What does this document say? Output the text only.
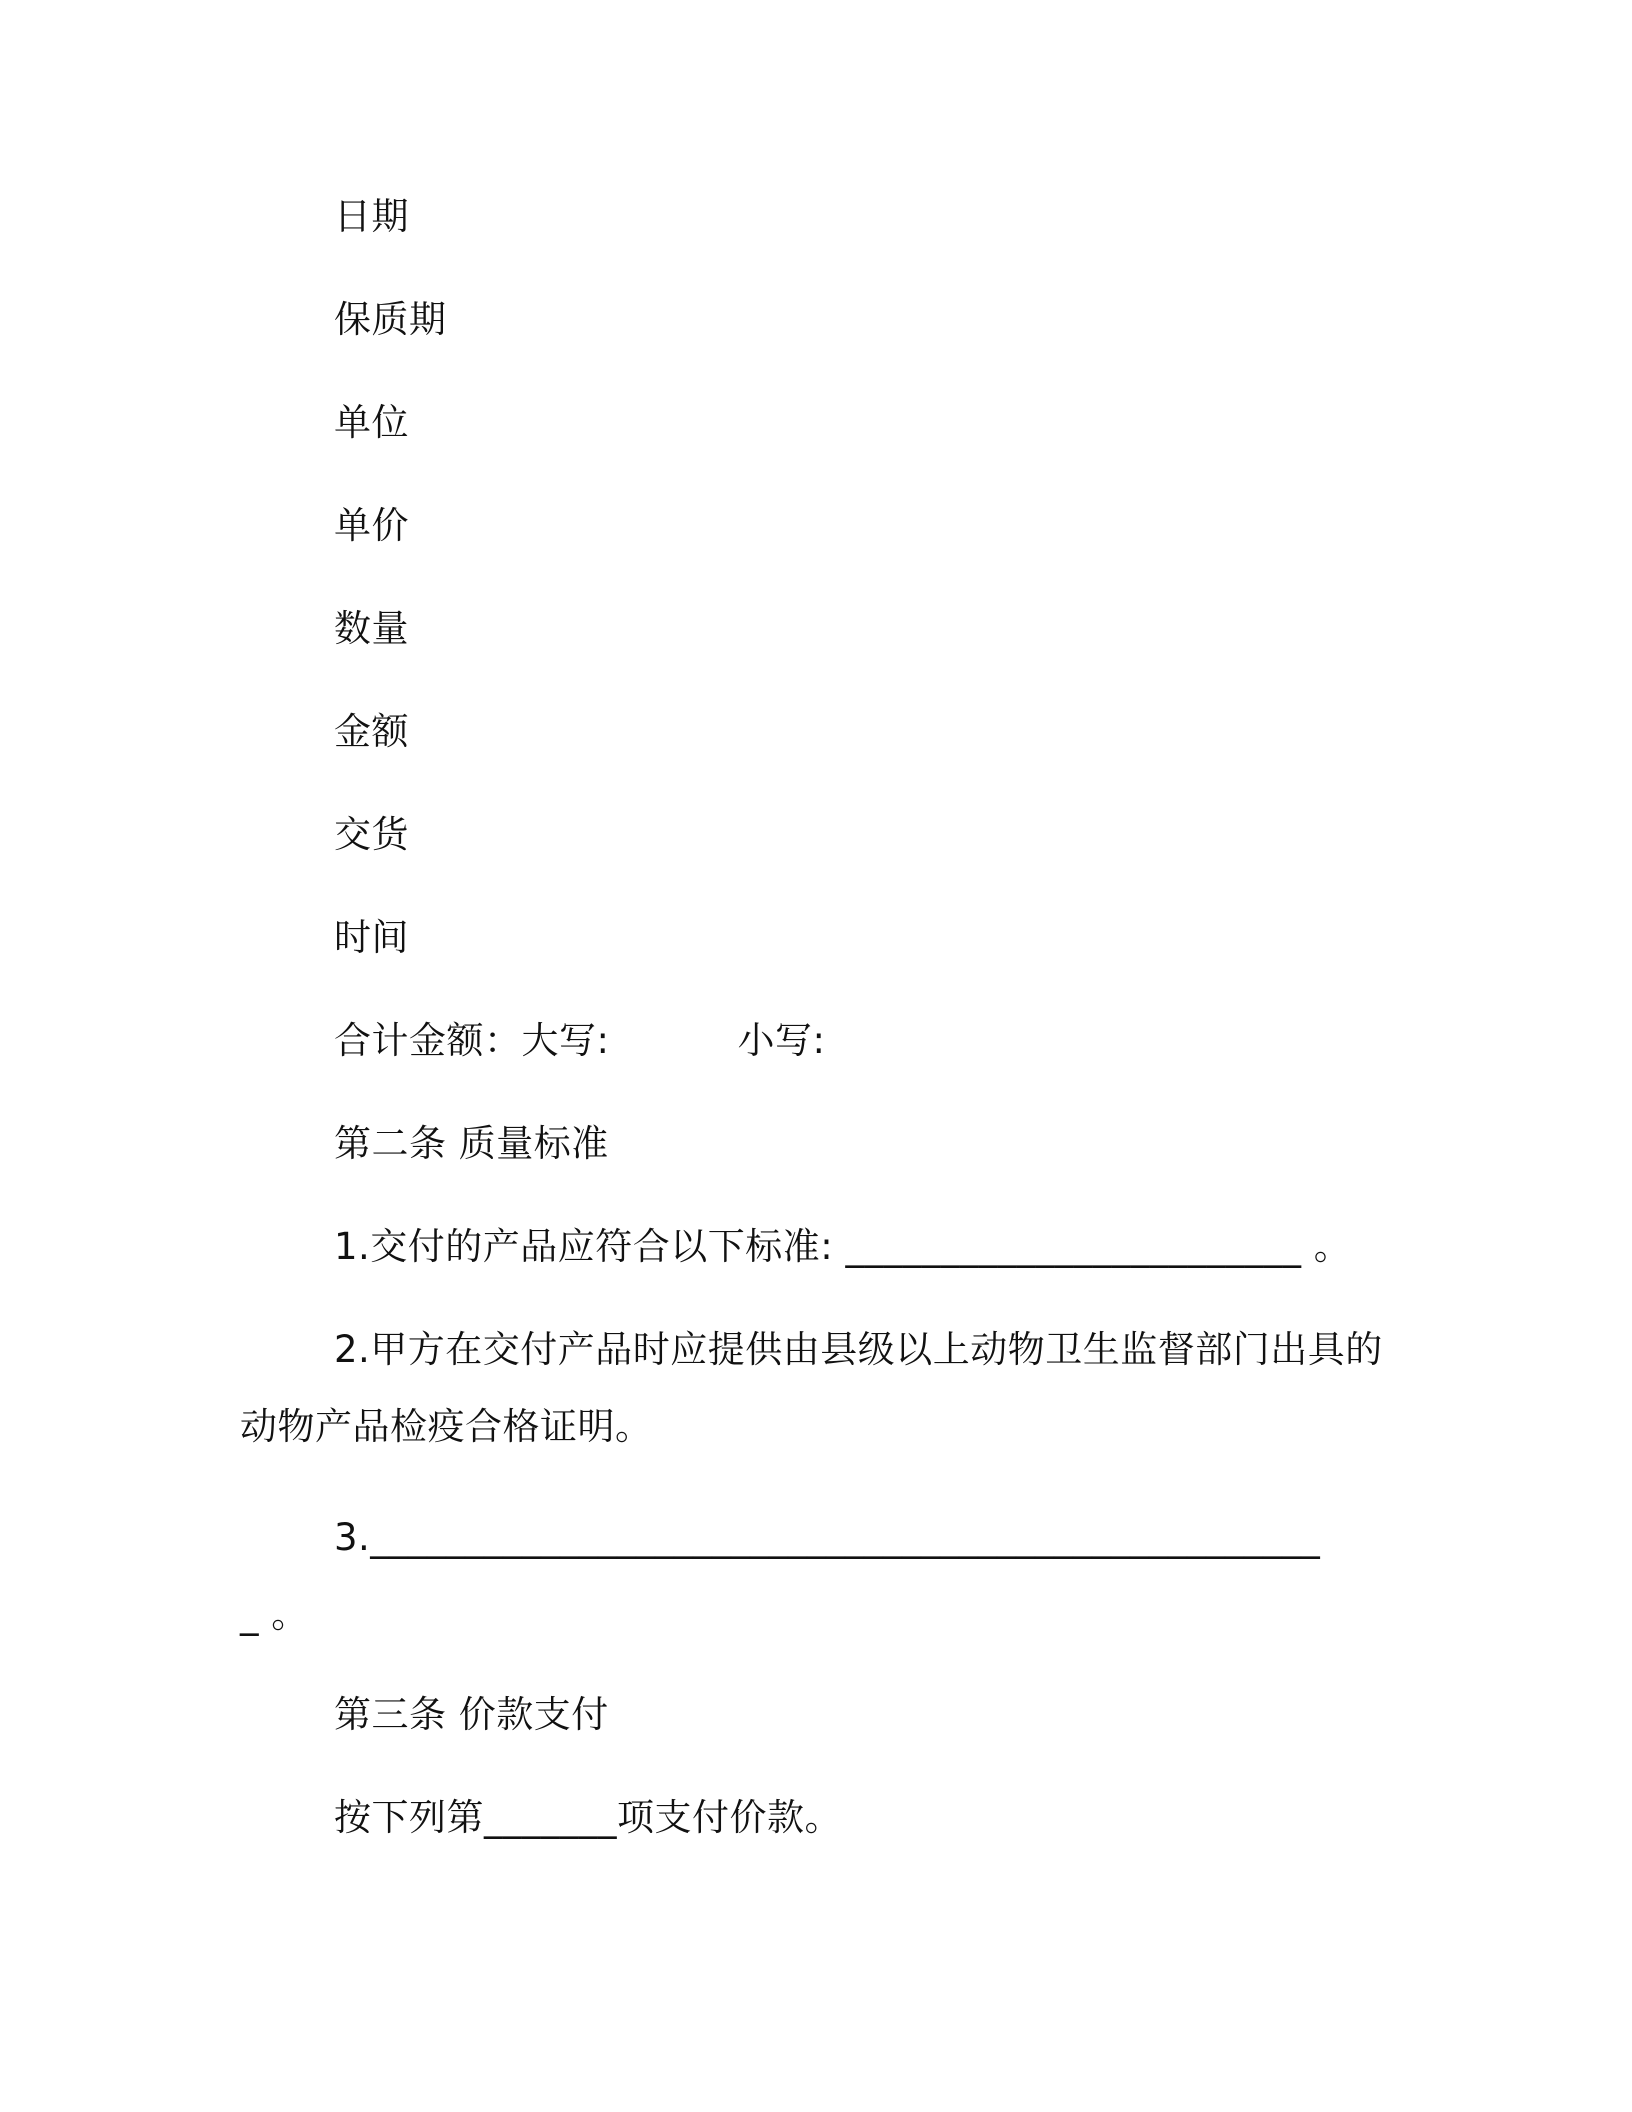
日期
保质期
单位
单价
数量
金额
交货
时间
合计金额：大写:	小写:
第二条 质量标准
1.交付的产品应符合以下标准: ________________________ 。
2.甲方在交付产品时应提供由县级以上动物卫生监督部门出具的
动物产品检疫合格证明。
3.__________________________________________________
_ 。
第三条 价款支付
按下列第_______项支付价款。
